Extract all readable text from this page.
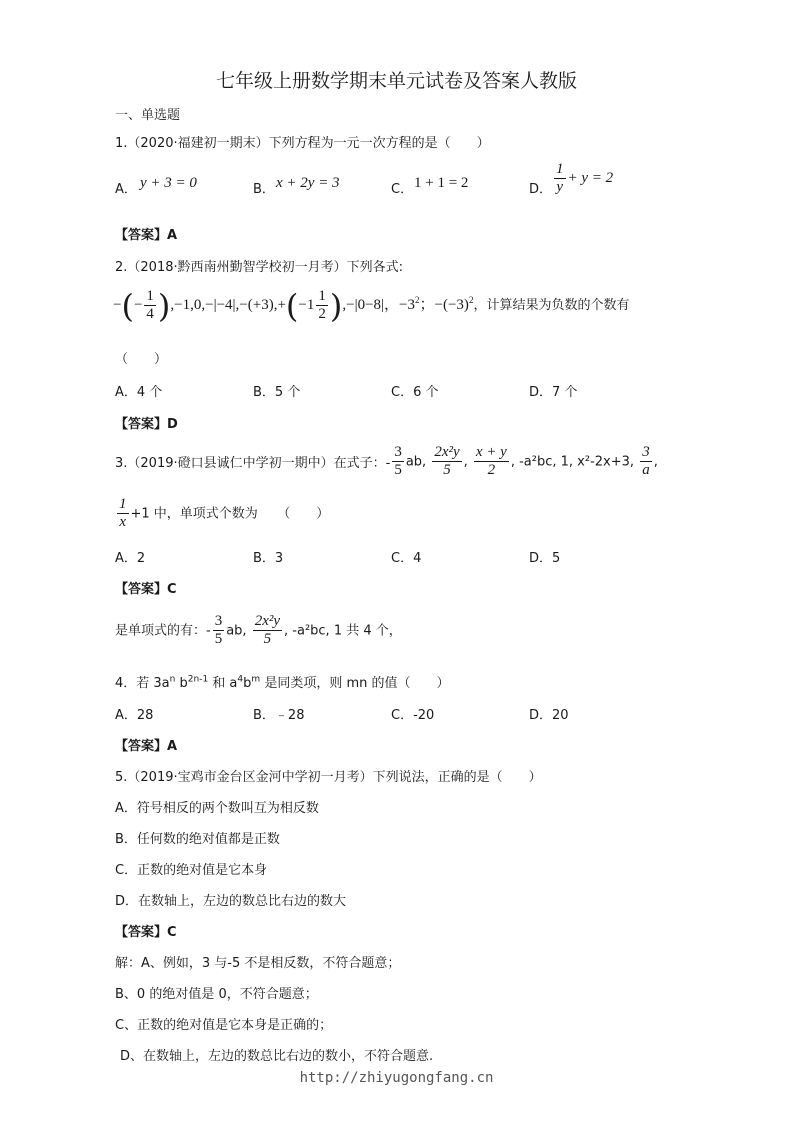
七年级上册数学期末单元试卷及答案人教版
一、单选题
1.（2020·福建初一期末）下列方程为一元一次方程的是（　　）
A． y + 3 = 0	B． x + 2y = 3	C． 1 + 1 = 2	D． $\frac{1}{y} + y = 2$
【答案】A
2.（2018·黔西南州勤智学校初一月考）下列各式:
−(− $\frac{1}{4} ),-1,0,-|-4|,-(+3),+(-1 \frac{1}{2} ),-|0-8|$，$-3^2$；$-(-3)^2$，计算结果为负数的个数有
（　　）
A．4 个	B．5 个	C．6 个	D．7 个
【答案】D
3.（2019·磴口县诚仁中学初一期中）在式子：- $\frac{3}{5}$ ab, $\frac{\text{2x²y}}{5}$ , $\frac{x + y}{2}$ , -a²bc, 1, x²-2x+3, $\frac{3}{a}$ ,
$\frac{1}{x} +1$ 中，单项式个数为　　（　　）
A．2	B．3	C．4	D．5
【答案】C
是单项式的有：- $\frac{3}{5}$ ab, $\frac{\text{2x²y}}{5}$ , -a²bc, 1 共 4 个，
4．若 $3a^n$ $b^{2n-1}$ 和 $a^4b^m$ 是同类项，则 mn 的值（　　）
A．28	B．﹣28	C．-20	D．20
【答案】A
5.（2019·宝鸡市金台区金河中学初一月考）下列说法，正确的是（　　）
A．符号相反的两个数叫互为相反数
B．任何数的绝对值都是正数
C．正数的绝对值是它本身
D．在数轴上，左边的数总比右边的数大
【答案】C
解：A、例如，3 与-5 不是相反数，不符合题意；
B、0 的绝对值是 0，不符合题意；
C、正数的绝对值是它本身是正确的；
D、在数轴上，左边的数总比右边的数小，不符合题意.
http://zhiyugongfang.cn
